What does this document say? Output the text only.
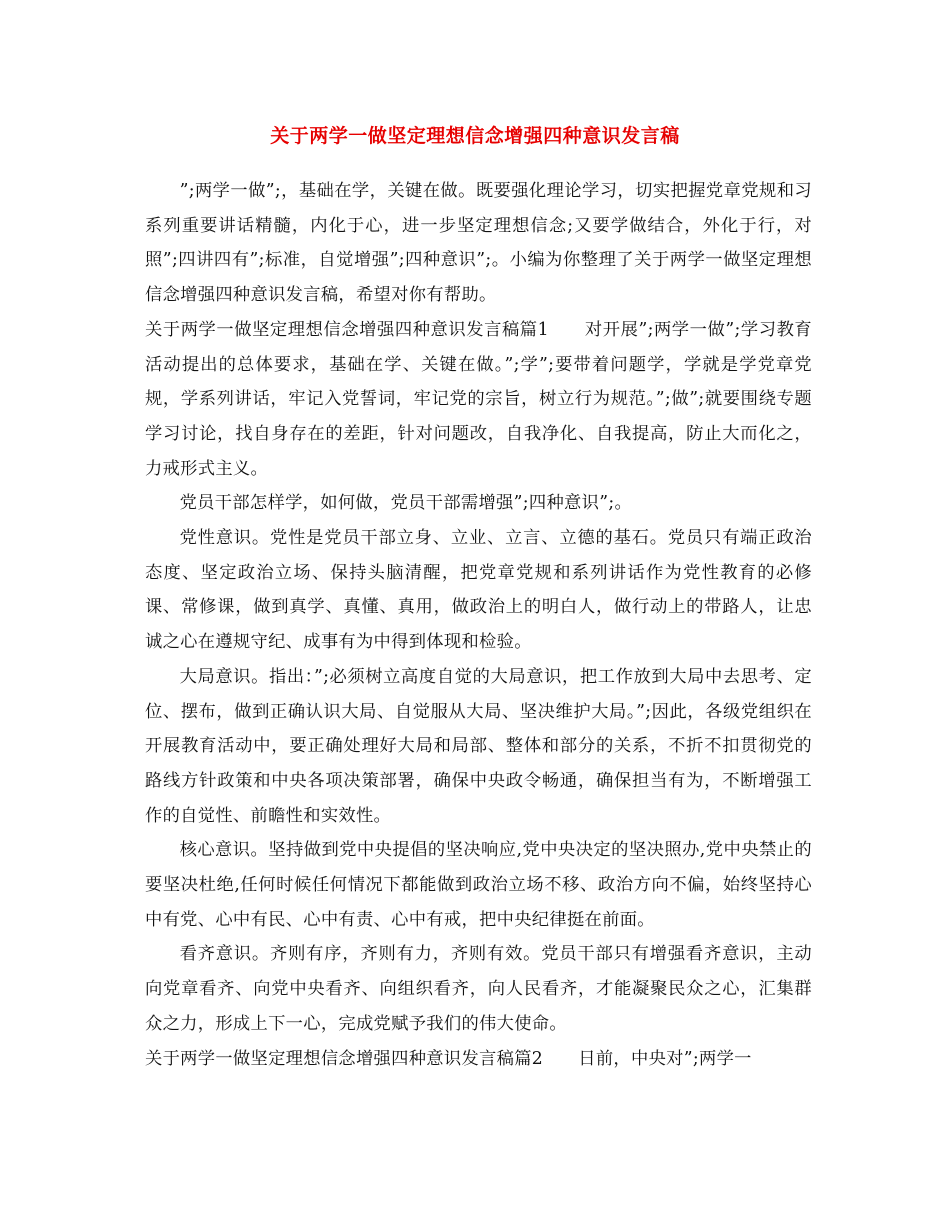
关于两学一做坚定理想信念增强四种意识发言稿

”;两学一做”;，基础在学，关键在做。既要强化理论学习，切实把握党章党规和习系列重要讲话精髓，内化于心，进一步坚定理想信念;又要学做结合，外化于行，对照”;四讲四有”;标准，自觉增强”;四种意识”;。小编为你整理了关于两学一做坚定理想信念增强四种意识发言稿，希望对你有帮助。

关于两学一做坚定理想信念增强四种意识发言稿篇1　　对开展”;两学一做”;学习教育活动提出的总体要求，基础在学、关键在做。”;学”;要带着问题学，学就是学党章党规，学系列讲话，牢记入党誓词，牢记党的宗旨，树立行为规范。”;做”;就要围绕专题学习讨论，找自身存在的差距，针对问题改，自我净化、自我提高，防止大而化之，力戒形式主义。

党员干部怎样学，如何做，党员干部需增强”;四种意识”;。

党性意识。党性是党员干部立身、立业、立言、立德的基石。党员只有端正政治态度、坚定政治立场、保持头脑清醒，把党章党规和系列讲话作为党性教育的必修课、常修课，做到真学、真懂、真用，做政治上的明白人，做行动上的带路人，让忠诚之心在遵规守纪、成事有为中得到体现和检验。

大局意识。指出：”;必须树立高度自觉的大局意识，把工作放到大局中去思考、定位、摆布，做到正确认识大局、自觉服从大局、坚决维护大局。”;因此，各级党组织在开展教育活动中，要正确处理好大局和局部、整体和部分的关系，不折不扣贯彻党的路线方针政策和中央各项决策部署，确保中央政令畅通，确保担当有为，不断增强工作的自觉性、前瞻性和实效性。

核心意识。坚持做到党中央提倡的坚决响应,党中央决定的坚决照办,党中央禁止的要坚决杜绝,任何时候任何情况下都能做到政治立场不移、政治方向不偏，始终坚持心中有党、心中有民、心中有责、心中有戒，把中央纪律挺在前面。

看齐意识。齐则有序，齐则有力，齐则有效。党员干部只有增强看齐意识，主动向党章看齐、向党中央看齐、向组织看齐，向人民看齐，才能凝聚民众之心，汇集群众之力，形成上下一心，完成党赋予我们的伟大使命。

关于两学一做坚定理想信念增强四种意识发言稿篇2　　日前，中央对”;两学一
